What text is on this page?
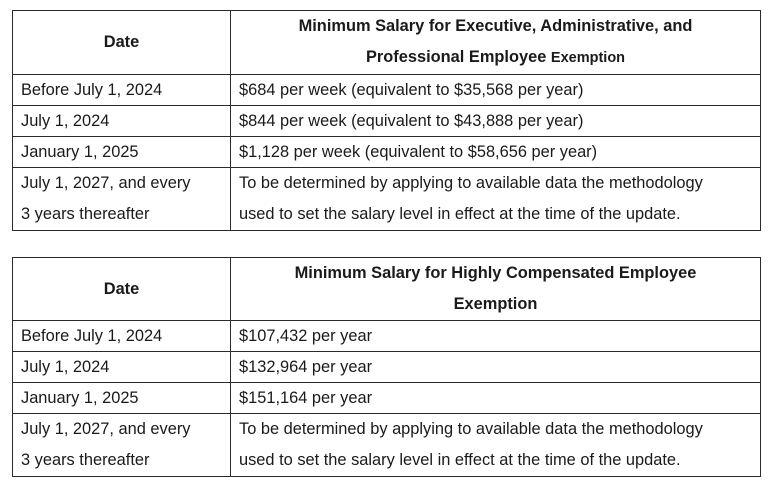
Date	Minimum Salary for Executive, Administrative, and
Professional Employee Exemption

Before July 1, 2024	$684 per week (equivalent to $35,568 per year)
July 1, 2024	$844 per week (equivalent to $43,888 per year)
January 1, 2025	$1,128 per week (equivalent to $58,656 per year)

July 1, 2027, and every
3 years thereafter	To be determined by applying to available data the methodology
used to set the salary level in effect at the time of the update.
Date	Minimum Salary for Highly Compensated Employee
Exemption

Before July 1, 2024	$107,432 per year
July 1, 2024	$132,964 per year
January 1, 2025	$151,164 per year

July 1, 2027, and every
3 years thereafter	To be determined by applying to available data the methodology
used to set the salary level in effect at the time of the update.
